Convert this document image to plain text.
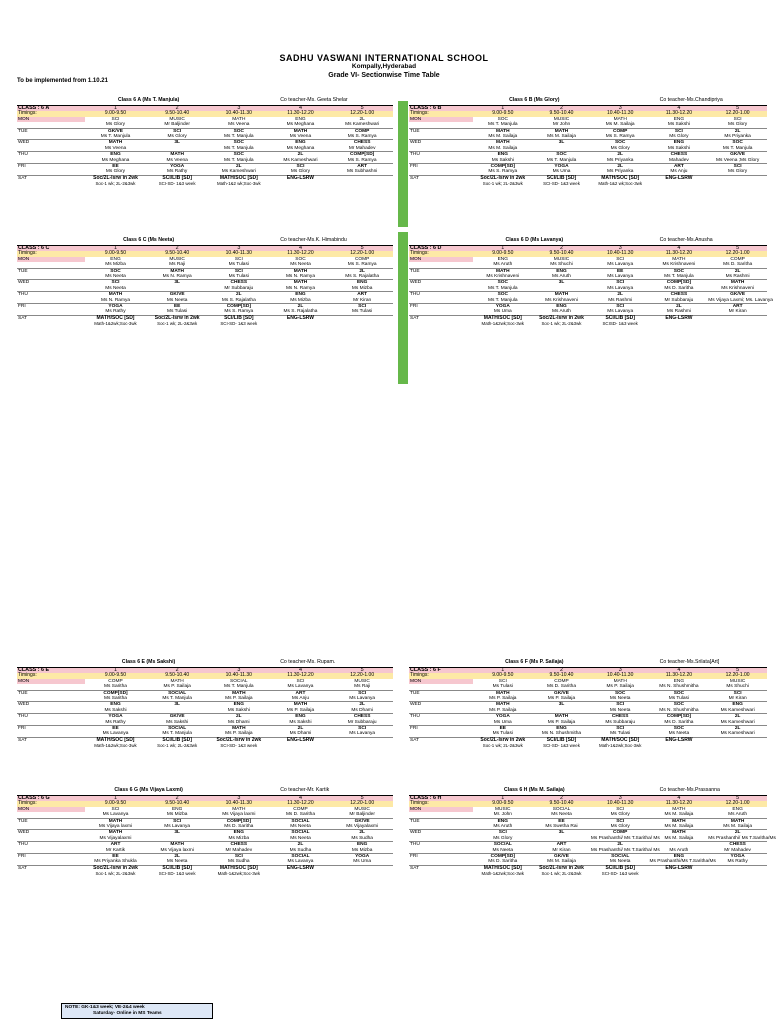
SADHU VASWANI INTERNATIONAL SCHOOL
Kompally,Hyderabad
Grade VI- Sectionwise Time Table
To be implemented from 1.10.21
Class 6 A (Ms T. Manjula)	Co teacher-Ms. Geeta Shelar
CLASS : 6 A	1	2	3	4	5
Timings:	9.00-9.50	9.50-10.40	10.40-11.30	11.30-12.20	12.20-1.00
MON	SCI	MUSIC	MATH	ENG	2L
	Ms Glory	Mr Baljinder	Ms Veena	Ms Meghana	Ms Kameshwari
TUE	GK/VE	SCI	SOC	MATH	COMP
	Ms T. Manjula	Ms Glory	Ms T. Manjula	Ms Veena	Ms S. Ramya
WED	MATH	3L	SOC	ENG	CHESS
	Ms Veena		Ms T. Manjula	Ms Meghana	Mr Mahadev
THU	ENG	MATH	SOC	2L	COMP[SD]
	Ms Meghana	Ms Veena	Ms T. Manjula	Ms Kameshwari	Ms S. Ramya
FRI	EE	YOGA	2L	SCI	ART
	Ms Glory	Ms Rathy	Ms Kameshwari	Ms Glory	Ms Subhashni
SAT	Soc/2L-lsrw in 2wk	SCI/LIB [SD]	MATH/SOC [SD]	ENG-LSRW	
	Soc-1 wk; 2L-2&3wk	SCI-SD- 1&3 week	Math-1&2 wk;Soc-3wk		
Class 6 B (Ms Glory)	Co teacher-Ms.Chandipriya
CLASS : 6 B	1	2	3	4	5
Timings:	9.00-9.50	9.50-10.40	10.40-11.30	11.30-12.20	12.20-1.00
MON	SOC	MUSIC	MATH	ENG	SCI
	Ms T. Manjula	Mr John	Ms M. Sailaja	Ms Sakshi	Ms Glory
TUE	MATH	MATH	COMP	SCI	2L
	Ms M. Sailaja	Ms M. Sailaja	Ms S. Ramya	Ms Glory	Ms Priyanka
WED	MATH	3L	SOC	ENG	SOC
	Ms M. Sailaja		Ms Glory	Ms Sakshi	Ms T. Manjula
THU	ENG	SOC	2L	CHESS	GK/VE
	Ms Sakshi	Ms T. Manjula	Ms Priyanka	Mahadev	Ms Veena ;Ms Glory
FRI	COMP[SD]	YOGA	2L	ART	SCI
	Ms S. Ramya	Ms Uma	Ms Priyanka	Ms Anju	Ms Glory
SAT	Soc/2L-lsrw in 2wk	SCI/LIB [SD]	MATH/SOC [SD]	ENG-LSRW	
	Soc-1 wk; 2L-2&3wk	SCI-SD- 1&3 week	Math-1&2 wk;Soc-3wk		
Class 6 C (Ms Neeta)	Co teacher-Ms.K. Himabindu
CLASS : 6 C	1	2	3	4	5
Timings:	9.00-9.50	9.50-10.40	10.40-11.30	11.30-12.20	12.20-1.00
MON	ENG	MUSIC	SCI	SOC	COMP
	Ms Mizba	Ms Raji	Ms Tulasi	Ms Neeta	Ms S. Ramya
TUE	SOC	MATH	SCI	MATH	2L
	Ms Neeta	Ms N. Ramya	Ms Tulasi	Ms N. Ramya	Ms S. Rajalatha
WED	SCI	3L	CHESS	MATH	ENG
	Ms Neeta		Mr Subbaraju	Ms N. Ramya	Ms Mizba
THU	MATH	GK/VE	2L	ENG	ART
	Ms N. Ramya	Ms Neeta	Ms S. Rajalatha	Ms Mizba	Mr Kiran
FRI	YOGA	EE	COMP[SD]	2L	SCI
	Ms Rathy	Ms Tulasi	Ms S. Ramya	Ms S. Rajalatha	Ms Tulasi
SAT	MATH/SOC [SD]	Soc/2L-lsrw in 2wk	SCI/LIB [SD]	ENG-LSRW	
	Math-1&2wk;Soc-3wk	Soc-1 wk; 2L-2&3wk	SCI-SD- 1&3 week		
Class 6 D (Ms Lavanya)	Co teacher-Ms.Anusha
CLASS : 6 D	1	2	3	4	5
Timings:	9.00-9.50	9.50-10.40	10.40-11.30	11.30-12.20	12.20-1.00
MON	ENG	MUSIC	SCI	MATH	COMP
	Ms Aruth	Ms Shuchi	Ms Lavanya	Ms Krishnaveni	Ms D. Saritha
TUE	MATH	ENG	EE	SOC	2L
	Ms Krishnaveni	Ms Aruth	Ms Lavanya	Ms T. Manjula	Ms Rashmi
WED	SOC	3L	SCI	COMP[SD]	MATH
	Ms T. Manjula		Ms Lavanya	Ms D. Saritha	Ms Krishnaveni
THU	SOC	MATH	2L	CHESS	GK/VE
	Ms T. Manjula	Ms Krishnaveni	Ms Rashmi	Mr Subbaraju	Ms Vijaya Laxmi; Ms. Lavanya
FRI	YOGA	ENG	SCI	2L	ART
	Ms Uma	Ms Aruth	Ms Lavanya	Ms Rashmi	Mr Kiran
SAT	MATH/SOC [SD]	Soc/2L-lsrw in 2wk	SCI/LIB [SD]	ENG-LSRW	
	Math-1&2wk;Soc-3wk	Soc-1 wk; 2L-2&3wk	SCISD- 1&3 week		
Class 6 E (Ms Sakshi)	Co teacher-Ms. Rupam.
CLASS : 6 E	1	2	3	4	5
Timings:	9.00-9.50	9.50-10.40	10.40-11.30	11.30-12.20	12.20-1.00
MON	COMP	MATH	SOCIAL	SCI	MUSIC
	Ms Saritha	Ms P. Sailaja	Ms T. Manjula	Ms Lavanya	Ms Raji
TUE	COMP[SD]	SOCIAL	MATH	ART	SCI
	Ms Saritha	Ms T. Manjula	Ms P. Sailaja	Ms Anju	Ms Lavanya
WED	ENG	3L	ENG	MATH	2L
	Ms Sakshi		Ms Sakshi	Ms P. Sailaja	Ms Dhami
THU	YOGA	GK/VE	2L	ENG	CHESS
	Ms Rathy	Ms Sakshi	Ms Dhami	Ms Sakshi	Mr Subbaraju
FRI	EE	SOCIAL	MATH	2L	SCI
	Ms Lavanya	Ms T. Manjula	Ms P. Sailaja	Ms Dhami	Ms Lavanya
SAT	MATH/SOC [SD]	SCI/LIB [SD]	Soc/2L-lsrw in 2wk	ENG-LSRW	
	Math-1&2wk;Soc-3wk	Soc-1 wk; 2L-2&3wk	SCI-SD- 1&3 week		
Class 6 F (Ms P. Sailaja)	Co teacher-Ms.Srilata[Art]
CLASS : 6 F	1	2	3	4	5
Timings:	9.00-9.50	9.50-10.40	10.40-11.30	11.30-12.20	12.20-1.00
MON	SCI	COMP	MATH	ENG	MUSIC
	Ms Tulasi	Ms D. Saritha	Ms P. Sailaja	Ms N. Shushmitha	Ms Shuchi
TUE	MATH	GK/VE	SOC	SOC	SCI
	Ms P. Sailaja	Ms P. Sailaja	Ms Neeta	Ms Tulasi	Mr Kiran
WED	MATH	3L	SCI	SOC	ENG
	Ms P. Sailaja		Ms Neeta	Ms N. Shushmitha	Ms Kameshwari
THU	YOGA	MATH	CHESS	COMP[SD]	2L
	Ms Uma	Ms P. Sailaja	Ms Subbaraju	Ms D. Saritha	Ms Kameshwari
FRI	EE	ENG	SCI	SOC	2L
	Ms Tulasi	Ms N. Shushmitha	Ms Tulasi	Ms Neeta	Ms Kameshwari
SAT	Soc/2L-lsrw in 2wk	SCI/LIB [SD]	MATH/SOC [SD]	ENG-LSRW	
	Soc-1 wk; 2L-2&3wk	SCI-SD- 1&3 week	Math-1&2wk;Soc-3wk		
Class 6 G (Ms Vijaya Laxmi)	Co teacher-Mr. Kartik
CLASS : 6 G	1	2	3	4	5
Timings:	9.00-9.50	9.50-10.40	10.40-11.30	11.30-12.20	12.20-1.00
MON	SCI	ENG	MATH	COMP	MUSIC
	Ms Lavanya	Ms Mizba	Ms Vijaya laxmi	Ms D. Saritha	Mr Baljinder
TUE	MATH	SCI	COMP[SD]	SOCIAL	GK/VE
	Ms Vijaya laxmi	Ms Lavanya	Ms D. Saritha	Ms Neeta	Ms Vijayalaxmi
WED	MATH	3L	ENG	SOCIAL	2L
	Ms Vijayalaxmi		Ms Mizba	Ms Neeta	Ms Sudha
THU	ART	MATH	CHESS	2L	ENG
	Mr Kartik	Ms Vijaya laxmi	Mr Mahadev	Ms Sudha	Ms Mizba
FRI	EE	2L	SCI	SOCIAL	YOGA
	Ms Priyanka Shukla	Ms Neeta	Ms Sudha	Ms Lavanya	Ms Uma
SAT	Soc/2L-lsrw in 2wk	SCI/LIB [SD]	MATH/SOC [SD]	ENG-LSRW	
	Soc-1 wk; 2L-2&3wk	SCI-SD- 1&3 week	Math-1&2wk;Soc-3wk		
Class 6 H (Ms M. Sailaja)	Co teacher-Ms.Prassanna
CLASS : 6 H	1	2	3	4	5
Timings:	9.00-9.50	9.50-10.40	10.40-11.30	11.30-12.20	12.20-1.00
MON	MUSIC	SOCIAL	SCI	MATH	ENG
	Mr. John	Ms Neeta	Ms Glory	Ms M. Sailaja	Ms Aruth
TUE	ENG	EE	SCI	MATH	MATH
	Ms Aruth	Ms Swetha Rai	Ms Glory	Ms M. Sailaja	Ms M. Sailaja
WED	SCI	3L	COMP	MATH	2L
	Ms Glory		Ms Prashanthi/ Ms T.Saritha/ Ms	Ms M. Sailaja	Ms Prashanthi/ Ms T.Saritha/Ms
THU	SOCIAL	ART	2L		CHESS
	Ms Neeta	Mr Kiran	Ms Prashanthi/ Ms T.Saritha/ Ms	Ms Aruth	Mr Mahadev
FRI	COMP[SD]	GK/VE	SOCIAL	ENG	YOGA
	Ms D. Saritha	Ms M. Sailaja	Ms Neeta	Ms Prashanthi/Ms T.Saritha/Ms	Ms Rathy
SAT	MATH/SOC [SD]	Soc/2L-lsrw in 2wk	SCI/LIB [SD]	ENG-LSRW	
	Math-1&2wk;Soc-3wk	Soc-1 wk; 2L-2&3wk	SCI-SD- 1&3 week		
NOTE: GK-1&3 week; VE-2&4 week
Saturday- Online in MS Teams
